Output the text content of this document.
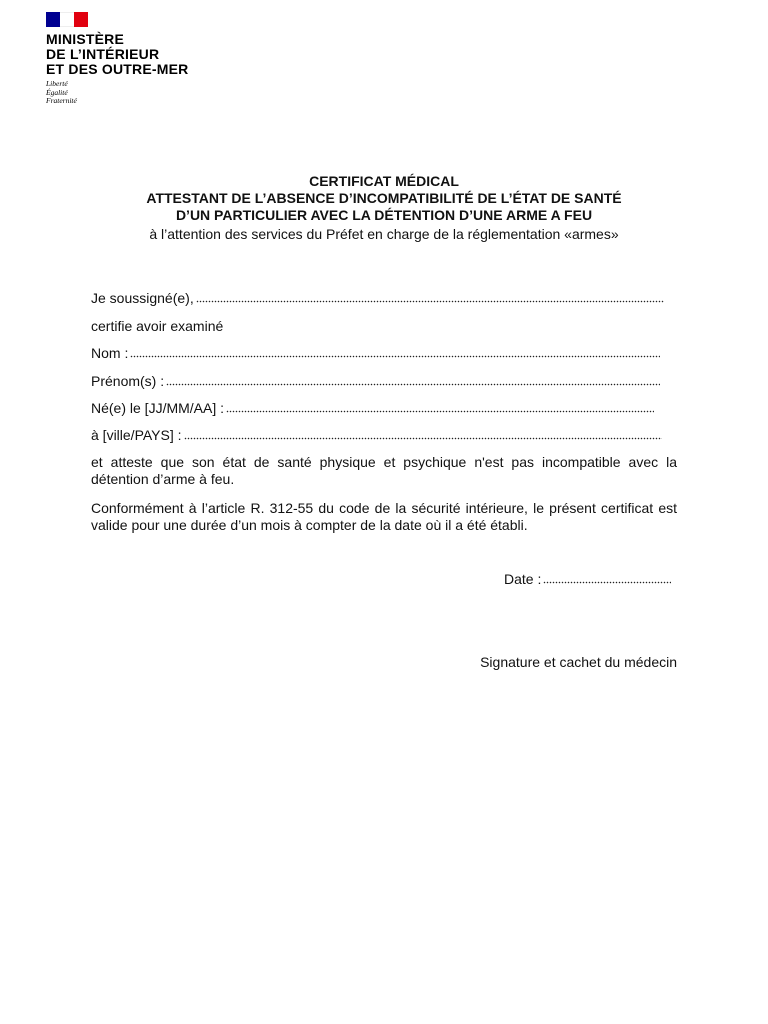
MINISTÈRE
DE L’INTÉRIEUR
ET DES OUTRE-MER
Liberté
Égalité
Fraternité
CERTIFICAT MÉDICAL
ATTESTANT DE L’ABSENCE D’INCOMPATIBILITÉ DE L’ÉTAT DE SANTÉ
D’UN PARTICULIER AVEC LA DÉTENTION D’UNE ARME A FEU
à l’attention des services du Préfet en charge de la réglementation «armes»
Je soussigné(e),
certifie avoir examiné
Nom :
Prénom(s) :
Né(e) le [JJ/MM/AA] :
à [ville/PAYS] :
et atteste que son état de santé physique et psychique n'est pas incompatible avec la détention d’arme à feu.
Conformément à l’article R. 312-55 du code de la sécurité intérieure, le présent certificat est valide pour une durée d’un mois à compter de la date où il a été établi.
Date :
Signature et cachet du médecin
